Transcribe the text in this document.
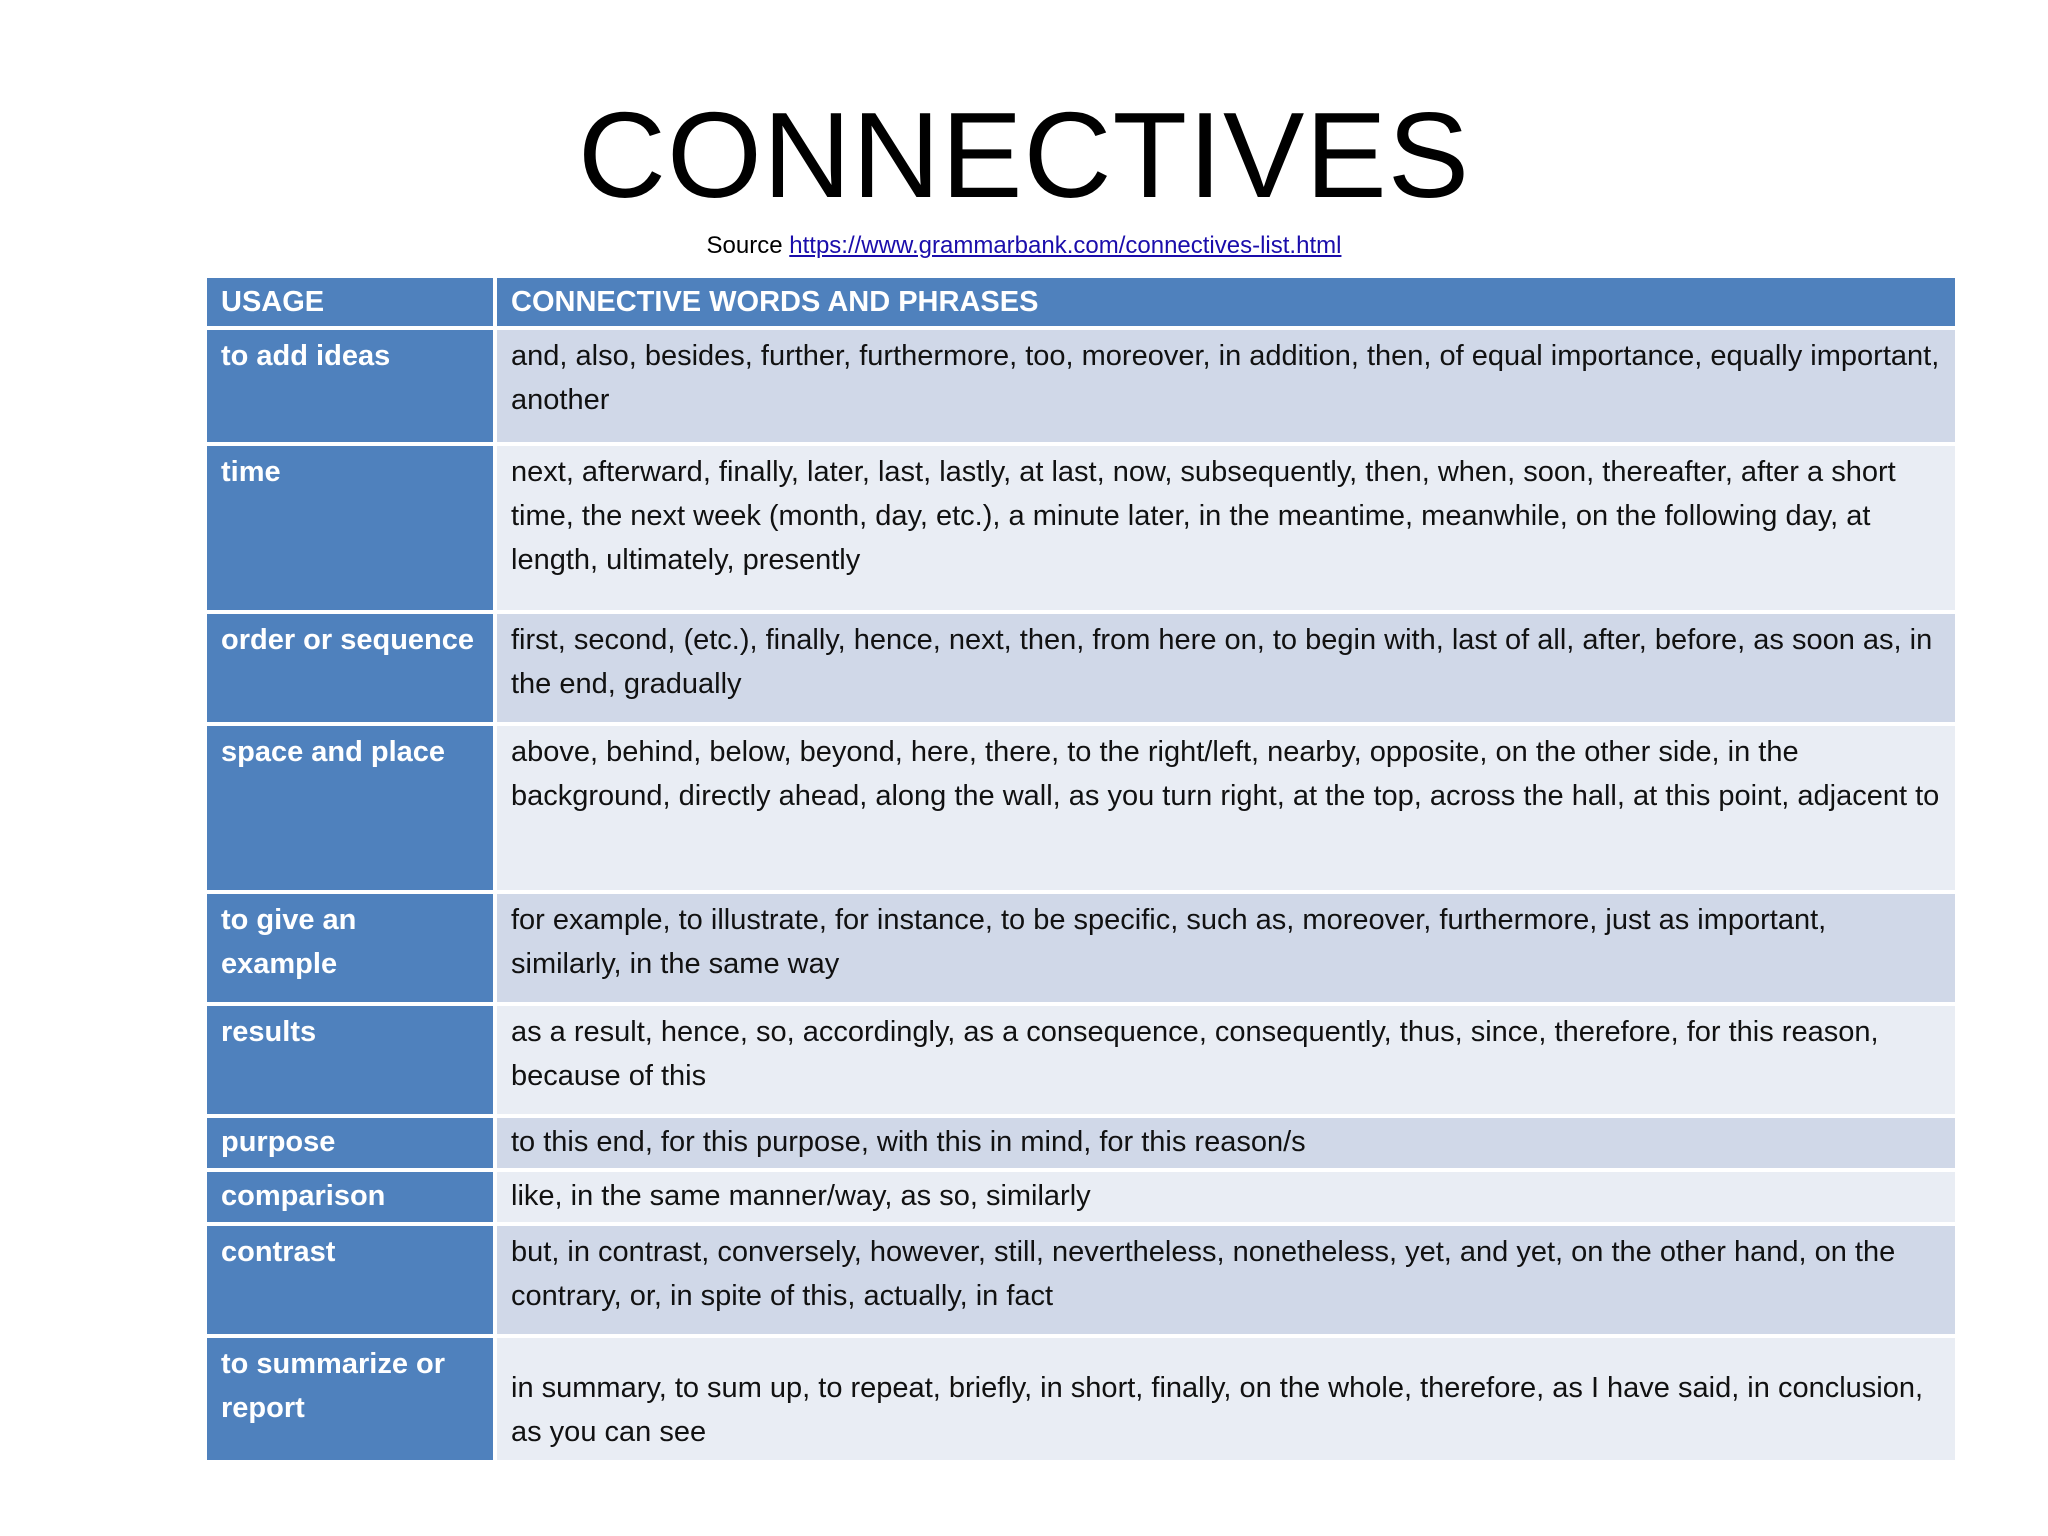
CONNECTIVES
Source https://www.grammarbank.com/connectives-list.html
USAGE	CONNECTIVE WORDS AND PHRASES
to add ideas	and, also, besides, further, furthermore, too, moreover, in addition, then, of equal importance, equally important, another
time	next, afterward, finally, later, last, lastly, at last, now, subsequently, then, when, soon, thereafter, after a short time, the next week (month, day, etc.), a minute later, in the meantime, meanwhile, on the following day, at length, ultimately, presently
order or sequence	first, second, (etc.), finally, hence, next, then, from here on, to begin with, last of all, after, before, as soon as, in the end, gradually
space and place	above, behind, below, beyond, here, there, to the right/left, nearby, opposite, on the other side, in the background, directly ahead, along the wall, as you turn right, at the top, across the hall, at this point, adjacent to
to give an example	for example, to illustrate, for instance, to be specific, such as, moreover, furthermore, just as important, similarly, in the same way
results	as a result, hence, so, accordingly, as a consequence, consequently, thus, since, therefore, for this reason, because of this
purpose	to this end, for this purpose, with this in mind, for this reason/s
comparison	like, in the same manner/way, as so, similarly
contrast	but, in contrast, conversely, however, still, nevertheless, nonetheless, yet, and yet, on the other hand, on the contrary, or, in spite of this, actually, in fact
to summarize or report	in summary, to sum up, to repeat, briefly, in short, finally, on the whole, therefore, as I have said, in conclusion, as you can see
